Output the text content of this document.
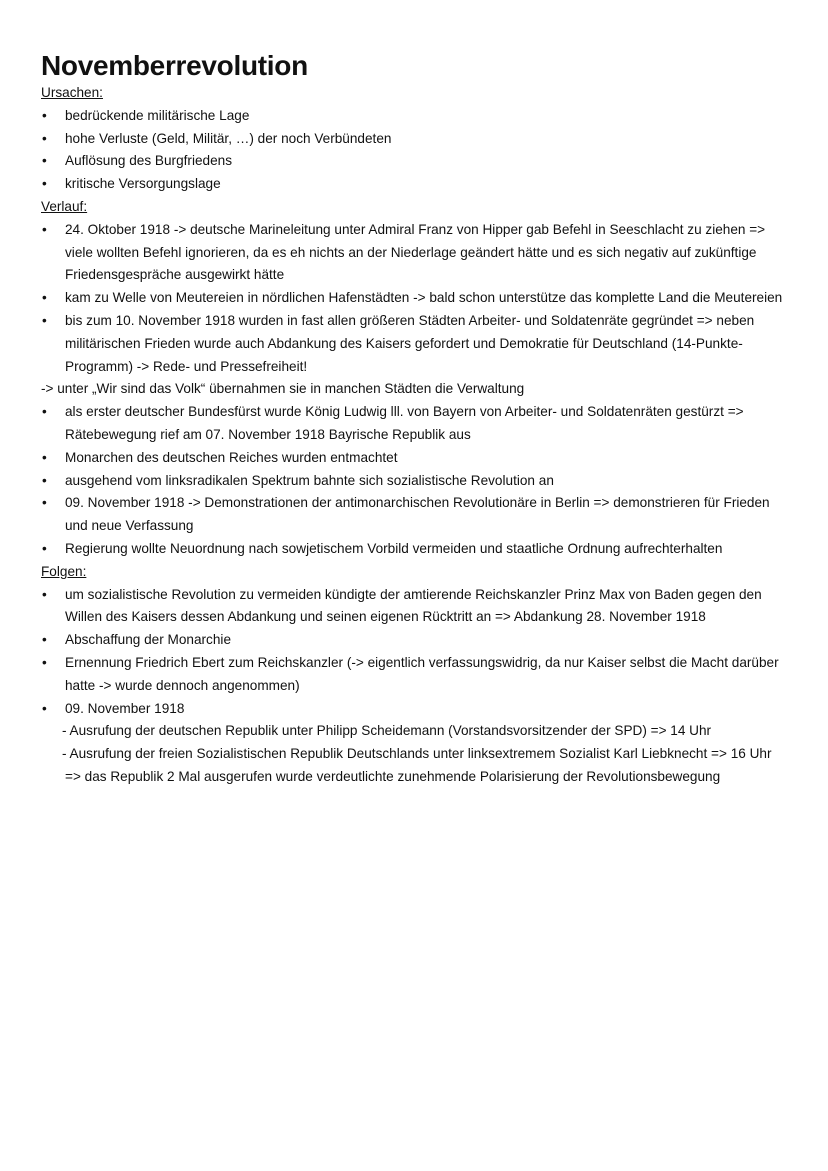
Novemberrevolution
Ursachen:
• bedrückende militärische Lage
• hohe Verluste (Geld, Militär, …) der noch Verbündeten
• Auflösung des Burgfriedens
• kritische Versorgungslage
Verlauf:
• 24. Oktober 1918 -> deutsche Marineleitung unter Admiral Franz von Hipper gab Befehl in Seeschlacht zu ziehen =>
viele wollten Befehl ignorieren, da es eh nichts an der Niederlage geändert hätte und es sich negativ auf zukünftige
Friedensgespräche ausgewirkt hätte
• kam zu Welle von Meutereien in nördlichen Hafenstädten -> bald schon unterstütze das komplette Land die Meutereien
• bis zum 10. November 1918 wurden in fast allen größeren Städten Arbeiter- und Soldatenräte gegründet => neben
militärischen Frieden wurde auch Abdankung des Kaisers gefordert und Demokratie für Deutschland (14-Punkte-
Programm) -> Rede- und Pressefreiheit!
-> unter „Wir sind das Volk“ übernahmen sie in manchen Städten die Verwaltung
• als erster deutscher Bundesfürst wurde König Ludwig lll. von Bayern von Arbeiter- und Soldatenräten gestürzt =>
Rätebewegung rief am 07. November 1918 Bayrische Republik aus
• Monarchen des deutschen Reiches wurden entmachtet
• ausgehend vom linksradikalen Spektrum bahnte sich sozialistische Revolution an
• 09. November 1918 -> Demonstrationen der antimonarchischen Revolutionäre in Berlin => demonstrieren für Frieden
und neue Verfassung
• Regierung wollte Neuordnung nach sowjetischem Vorbild vermeiden und staatliche Ordnung aufrechterhalten
Folgen:
• um sozialistische Revolution zu vermeiden kündigte der amtierende Reichskanzler Prinz Max von Baden gegen den
Willen des Kaisers dessen Abdankung und seinen eigenen Rücktritt an => Abdankung 28. November 1918
• Abschaffung der Monarchie
• Ernennung Friedrich Ebert zum Reichskanzler (-> eigentlich verfassungswidrig, da nur Kaiser selbst die Macht darüber
hatte -> wurde dennoch angenommen)
• 09. November 1918
- Ausrufung der deutschen Republik unter Philipp Scheidemann (Vorstandsvorsitzender der SPD) => 14 Uhr
- Ausrufung der freien Sozialistischen Republik Deutschlands unter linksextremem Sozialist Karl Liebknecht => 16 Uhr
=> das Republik 2 Mal ausgerufen wurde verdeutlichte zunehmende Polarisierung der Revolutionsbewegung
